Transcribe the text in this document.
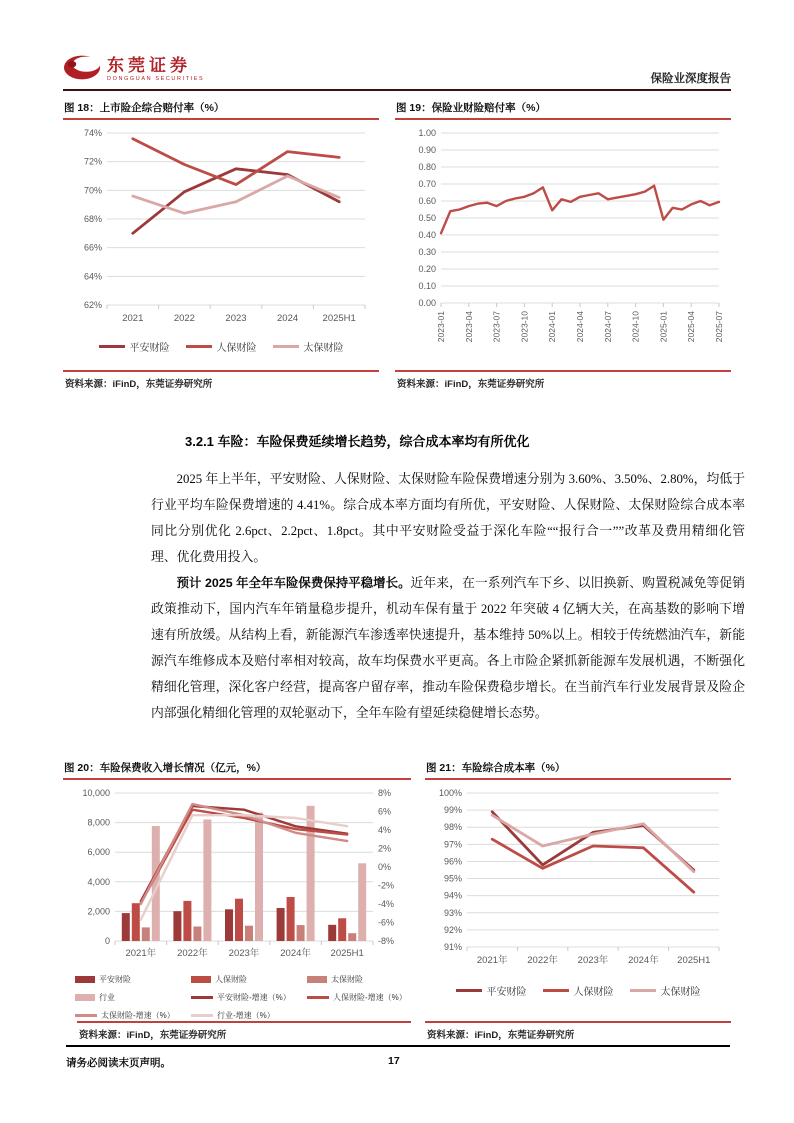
东莞证券
DONGGUAN SECURITIES	保险业深度报告
图 18：上市险企综合赔付率（%）
62%
64%
66%
68%
70%
72%
74%
2021	2022	2023	2024	2025H1
平安财险	人保财险	太保财险
资料来源：iFinD，东莞证券研究所
图 19：保险业财险赔付率（%）
0.00
0.10
0.20
0.30
0.40
0.50
0.60
0.70
0.80
0.90
1.00
2023-01 2023-04 2023-07 2023-10 2024-01 2024-04 2024-07 2024-10 2025-01 2025-04 2025-07
资料来源：iFinD，东莞证券研究所
3.2.1 车险：车险保费延续增长趋势，综合成本率均有所优化

2025 年上半年，平安财险、人保财险、太保财险车险保费增速分别为 3.60%、3.50%、2.80%，均低于行业平均车险保费增速的 4.41%。综合成本率方面均有所优，平安财险、人保财险、太保财险综合成本率同比分别优化 2.6pct、2.2pct、1.8pct。其中平安财险受益于深化车险““报行合一””改革及费用精细化管理、优化费用投入。

预计 2025 年全年车险保费保持平稳增长。近年来，在一系列汽车下乡、以旧换新、购置税减免等促销政策推动下，国内汽车年销量稳步提升，机动车保有量于 2022 年突破 4 亿辆大关，在高基数的影响下增速有所放缓。从结构上看，新能源汽车渗透率快速提升，基本维持 50%以上。相较于传统燃油汽车，新能源汽车维修成本及赔付率相对较高，故车均保费水平更高。各上市险企紧抓新能源车发展机遇，不断强化精细化管理，深化客户经营，提高客户留存率，推动车险保费稳步增长。在当前汽车行业发展背景及险企内部强化精细化管理的双轮驱动下，全年车险有望延续稳健增长态势。

图 20：车险保费收入增长情况（亿元，%）
0
2,000
4,000
6,000
8,000
10,000
-8%
-6%
-4%
-2%
0%
2%
4%
6%
8%
2021年 2022年 2023年 2024年 2025H1
平安财险	人保财险	太保财险
行业	平安财险-增速（%）	人保财险-增速（%）
太保财险-增速（%）	行业-增速（%）
资料来源：iFinD，东莞证券研究所
图 21：车险综合成本率（%）
91%
92%
93%
94%
95%
96%
97%
98%
99%
100%
2021年 2022年 2023年 2024年 2025H1
平安财险	人保财险	太保财险
资料来源：iFinD，东莞证券研究所
请务必阅读末页声明。	17
